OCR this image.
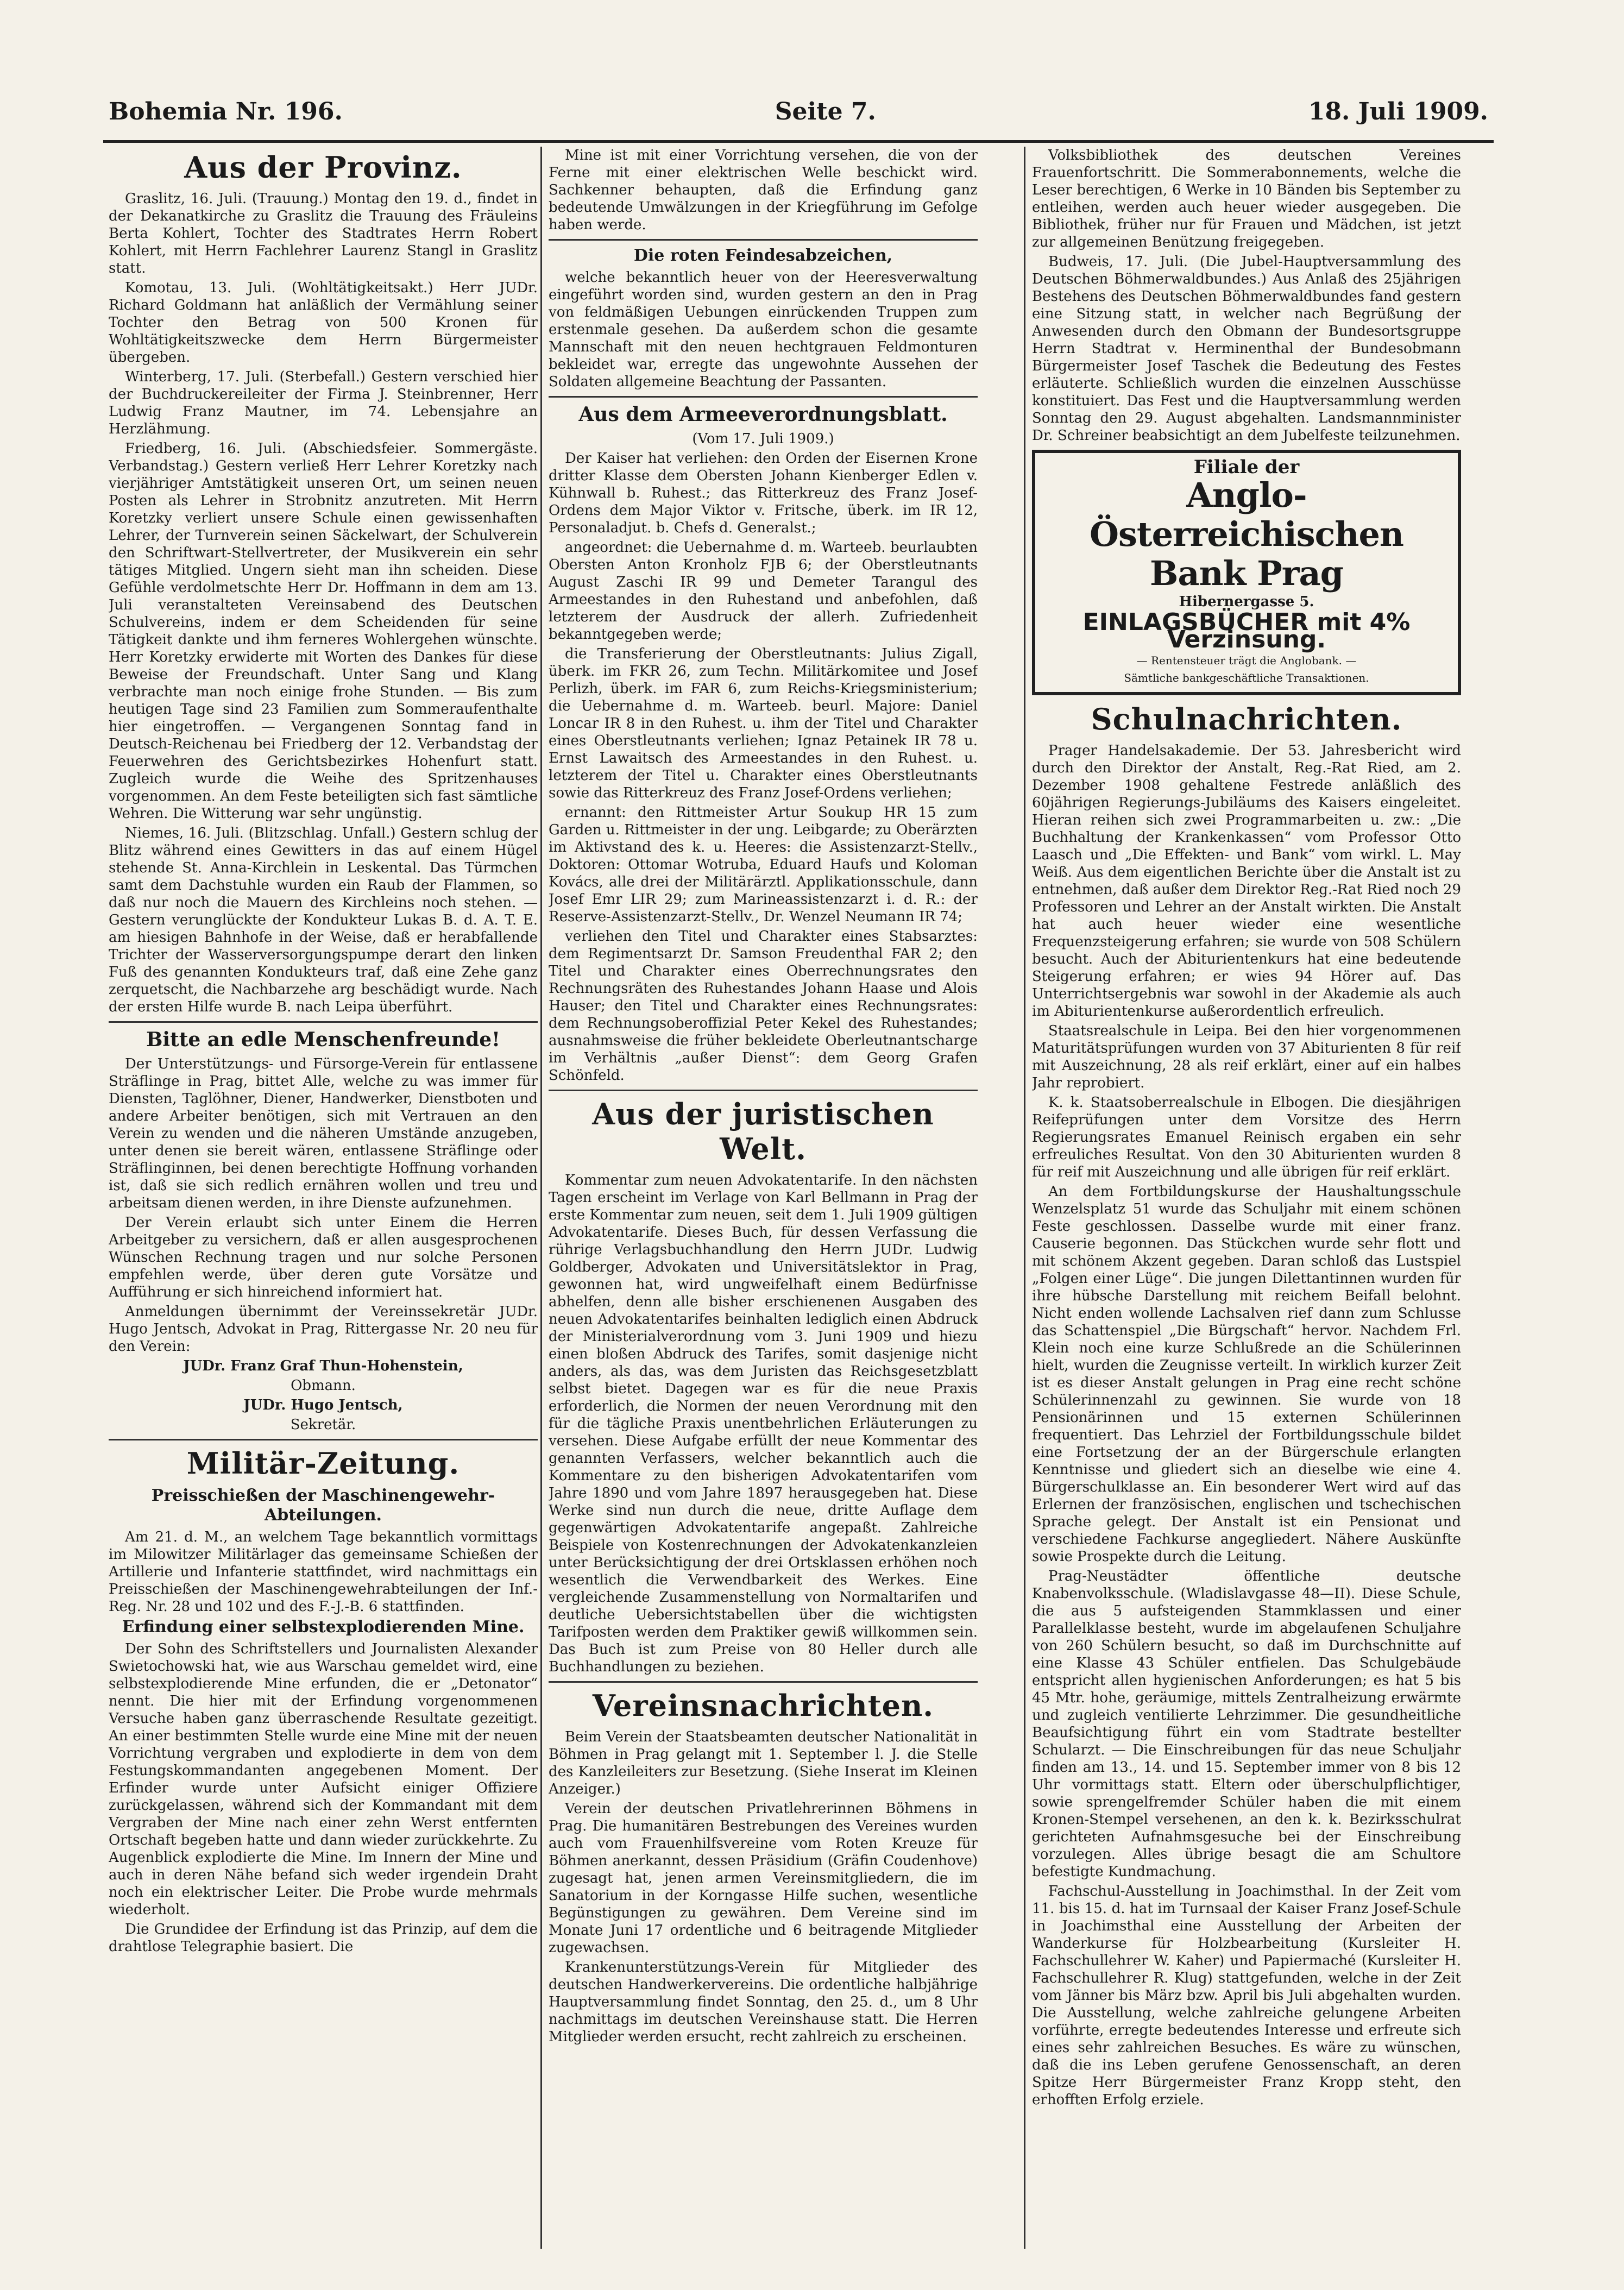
Bohemia Nr. 196.	Seite 7.	18. Juli 1909.
Aus der Provinz.

Graslitz, 16. Juli. (Trauung.) Montag den 19. d., findet in der Dekanatkirche zu Graslitz die Trauung des Fräuleins Berta Kohlert, Tochter des Stadtrates Herrn Robert Kohlert, mit Herrn Fachlehrer Laurenz Stangl in Graslitz statt.

Komotau, 13. Juli. (Wohltätigkeitsakt.) Herr JUDr. Richard Goldmann hat anläßlich der Vermählung seiner Tochter den Betrag von 500 Kronen für Wohltätigkeitszwecke dem Herrn Bürgermeister übergeben.

Winterberg, 17. Juli. (Sterbefall.) Gestern verschied hier der Buchdruckereileiter der Firma J. Steinbrenner, Herr Ludwig Franz Mautner, im 74. Lebensjahre an Herzlähmung.

Friedberg, 16. Juli. (Abschiedsfeier. Sommergäste. Verbandstag.) Gestern verließ Herr Lehrer Koretzky nach vierjähriger Amtstätigkeit unseren Ort, um seinen neuen Posten als Lehrer in Strobnitz anzutreten. Mit Herrn Koretzky verliert unsere Schule einen gewissenhaften Lehrer, der Turnverein seinen Säckelwart, der Schulverein den Schriftwart-Stellvertreter, der Musikverein ein sehr tätiges Mitglied. Ungern sieht man ihn scheiden. Diese Gefühle verdolmetschte Herr Dr. Hoffmann in dem am 13. Juli veranstalteten Vereinsabend des Deutschen Schulvereins, indem er dem Scheidenden für seine Tätigkeit dankte und ihm ferneres Wohlergehen wünschte. Herr Koretzky erwiderte mit Worten des Dankes für diese Beweise der Freundschaft. Unter Sang und Klang verbrachte man noch einige frohe Stunden. — Bis zum heutigen Tage sind 23 Familien zum Sommeraufenthalte hier eingetroffen. — Vergangenen Sonntag fand in Deutsch-Reichenau bei Friedberg der 12. Verbandstag der Feuerwehren des Gerichtsbezirkes Hohenfurt statt. Zugleich wurde die Weihe des Spritzenhauses vorgenommen. An dem Feste beteiligten sich fast sämtliche Wehren. Die Witterung war sehr ungünstig.

Niemes, 16. Juli. (Blitzschlag. Unfall.) Gestern schlug der Blitz während eines Gewitters in das auf einem Hügel stehende St. Anna-Kirchlein in Leskental. Das Türmchen samt dem Dachstuhle wurden ein Raub der Flammen, so daß nur noch die Mauern des Kirchleins noch stehen. — Gestern verunglückte der Kondukteur Lukas B. d. A. T. E. am hiesigen Bahnhofe in der Weise, daß er herabfallende Trichter der Wasserversorgungspumpe derart den linken Fuß des genannten Kondukteurs traf, daß eine Zehe ganz zerquetscht, die Nachbarzehe arg beschädigt wurde. Nach der ersten Hilfe wurde B. nach Leipa überführt.

Bitte an edle Menschenfreunde!

Der Unterstützungs- und Fürsorge-Verein für entlassene Sträflinge in Prag, bittet Alle, welche zu was immer für Diensten, Taglöhner, Diener, Handwerker, Dienstboten und andere Arbeiter benötigen, sich mit Vertrauen an den Verein zu wenden und die näheren Umstände anzugeben, unter denen sie bereit wären, entlassene Sträflinge oder Sträflinginnen, bei denen berechtigte Hoffnung vorhanden ist, daß sie sich redlich ernähren wollen und treu und arbeitsam dienen werden, in ihre Dienste aufzunehmen.

Der Verein erlaubt sich unter Einem die Herren Arbeitgeber zu versichern, daß er allen ausgesprochenen Wünschen Rechnung tragen und nur solche Personen empfehlen werde, über deren gute Vorsätze und Aufführung er sich hinreichend informiert hat.

Anmeldungen übernimmt der Vereinssekretär JUDr. Hugo Jentsch, Advokat in Prag, Rittergasse Nr. 20 neu für den Verein:

JUDr. Franz Graf Thun-Hohenstein,

Obmann.

JUDr. Hugo Jentsch,

Sekretär.

Militär-Zeitung.
Preisschießen der Maschinengewehr-Abteilungen.

Am 21. d. M., an welchem Tage bekanntlich vormittags im Milowitzer Militärlager das gemeinsame Schießen der Artillerie und Infanterie stattfindet, wird nachmittags ein Preisschießen der Maschinengewehrabteilungen der Inf.-Reg. Nr. 28 und 102 und des F.-J.-B. 6 stattfinden.

Erfindung einer selbstexplodierenden Mine.

Der Sohn des Schriftstellers und Journalisten Alexander Swietochowski hat, wie aus Warschau gemeldet wird, eine selbstexplodierende Mine erfunden, die er „Detonator“ nennt. Die hier mit der Erfindung vorgenommenen Versuche haben ganz überraschende Resultate gezeitigt. An einer bestimmten Stelle wurde eine Mine mit der neuen Vorrichtung vergraben und explodierte in dem von dem Festungskommandanten angegebenen Moment. Der Erfinder wurde unter Aufsicht einiger Offiziere zurückgelassen, während sich der Kommandant mit dem Vergraben der Mine nach einer zehn Werst entfernten Ortschaft begeben hatte und dann wieder zurückkehrte. Zu Augenblick explodierte die Mine. Im Innern der Mine und auch in deren Nähe befand sich weder irgendein Draht noch ein elektrischer Leiter. Die Probe wurde mehrmals wiederholt.

Die Grundidee der Erfindung ist das Prinzip, auf dem die drahtlose Telegraphie basiert. Die

Mine ist mit einer Vorrichtung versehen, die von der Ferne mit einer elektrischen Welle beschickt wird. Sachkenner behaupten, daß die Erfindung ganz bedeutende Umwälzungen in der Kriegführung im Gefolge haben werde.

Die roten Feindesabzeichen,

welche bekanntlich heuer von der Heeresverwaltung eingeführt worden sind, wurden gestern an den in Prag von feldmäßigen Uebungen einrückenden Truppen zum erstenmale gesehen. Da außerdem schon die gesamte Mannschaft mit den neuen hechtgrauen Feldmonturen bekleidet war, erregte das ungewohnte Aussehen der Soldaten allgemeine Beachtung der Passanten.

Aus dem Armeeverordnungsblatt.

(Vom 17. Juli 1909.)

Der Kaiser hat verliehen: den Orden der Eisernen Krone dritter Klasse dem Obersten Johann Kienberger Edlen v. Kühnwall b. Ruhest.; das Ritterkreuz des Franz Josef-Ordens dem Major Viktor v. Fritsche, überk. im IR 12, Personaladjut. b. Chefs d. Generalst.;

angeordnet: die Uebernahme d. m. Warteeb. beurlaubten Obersten Anton Kronholz FJB 6; der Oberstleutnants August Zaschi IR 99 und Demeter Tarangul des Armeestandes in den Ruhestand und anbefohlen, daß letzterem der Ausdruck der allerh. Zufriedenheit bekanntgegeben werde;

die Transferierung der Oberstleutnants: Julius Zigall, überk. im FKR 26, zum Techn. Militärkomitee und Josef Perlizh, überk. im FAR 6, zum Reichs-Kriegsministerium; die Uebernahme d. m. Warteeb. beurl. Majore: Daniel Loncar IR 8 in den Ruhest. u. ihm der Titel und Charakter eines Oberstleutnants verliehen; Ignaz Petainek IR 78 u. Ernst Lawaitsch des Armeestandes in den Ruhest. u. letzterem der Titel u. Charakter eines Oberstleutnants sowie das Ritterkreuz des Franz Josef-Ordens verliehen;

ernannt: den Rittmeister Artur Soukup HR 15 zum Garden u. Rittmeister in der ung. Leibgarde; zu Oberärzten im Aktivstand des k. u. Heeres: die Assistenzarzt-Stellv., Doktoren: Ottomar Wotruba, Eduard Haufs und Koloman Kovács, alle drei der Militärärztl. Applikationsschule, dann Josef Emr LIR 29; zum Marineassistenzarzt i. d. R.: der Reserve-Assistenzarzt-Stellv., Dr. Wenzel Neumann IR 74;

verliehen den Titel und Charakter eines Stabsarztes: dem Regimentsarzt Dr. Samson Freudenthal FAR 2; den Titel und Charakter eines Oberrechnungsrates den Rechnungsräten des Ruhestandes Johann Haase und Alois Hauser; den Titel und Charakter eines Rechnungsrates: dem Rechnungsoberoffizial Peter Kekel des Ruhestandes; ausnahmsweise die früher bekleidete Oberleutnantscharge im Verhältnis „außer Dienst“: dem Georg Grafen Schönfeld.

Aus der juristischen Welt.

Kommentar zum neuen Advokatentarife. In den nächsten Tagen erscheint im Verlage von Karl Bellmann in Prag der erste Kommentar zum neuen, seit dem 1. Juli 1909 gültigen Advokatentarife. Dieses Buch, für dessen Verfassung die rührige Verlagsbuchhandlung den Herrn JUDr. Ludwig Goldberger, Advokaten und Universitätslektor in Prag, gewonnen hat, wird ungweifelhaft einem Bedürfnisse abhelfen, denn alle bisher erschienenen Ausgaben des neuen Advokatentarifes beinhalten lediglich einen Abdruck der Ministerialverordnung vom 3. Juni 1909 und hiezu einen bloßen Abdruck des Tarifes, somit dasjenige nicht anders, als das, was dem Juristen das Reichsgesetzblatt selbst bietet. Dagegen war es für die neue Praxis erforderlich, die Normen der neuen Verordnung mit den für die tägliche Praxis unentbehrlichen Erläuterungen zu versehen. Diese Aufgabe erfüllt der neue Kommentar des genannten Verfassers, welcher bekanntlich auch die Kommentare zu den bisherigen Advokatentarifen vom Jahre 1890 und vom Jahre 1897 herausgegeben hat. Diese Werke sind nun durch die neue, dritte Auflage dem gegenwärtigen Advokatentarife angepaßt. Zahlreiche Beispiele von Kostenrechnungen der Advokatenkanzleien unter Berücksichtigung der drei Ortsklassen erhöhen noch wesentlich die Verwendbarkeit des Werkes. Eine vergleichende Zusammenstellung von Normaltarifen und deutliche Uebersichtstabellen über die wichtigsten Tarifposten werden dem Praktiker gewiß willkommen sein. Das Buch ist zum Preise von 80 Heller durch alle Buchhandlungen zu beziehen.

Vereinsnachrichten.

Beim Verein der Staatsbeamten deutscher Nationalität in Böhmen in Prag gelangt mit 1. September l. J. die Stelle des Kanzleileiters zur Besetzung. (Siehe Inserat im Kleinen Anzeiger.)

Verein der deutschen Privatlehrerinnen Böhmens in Prag. Die humanitären Bestrebungen des Vereines wurden auch vom Frauenhilfsvereine vom Roten Kreuze für Böhmen anerkannt, dessen Präsidium (Gräfin Coudenhove) zugesagt hat, jenen armen Vereinsmitgliedern, die im Sanatorium in der Korngasse Hilfe suchen, wesentliche Begünstigungen zu gewähren. Dem Vereine sind im Monate Juni 17 ordentliche und 6 beitragende Mitglieder zugewachsen.

Krankenunterstützungs-Verein für Mitglieder des deutschen Handwerkervereins. Die ordentliche halbjährige Hauptversammlung findet Sonntag, den 25. d., um 8 Uhr nachmittags im deutschen Vereinshause statt. Die Herren Mitglieder werden ersucht, recht zahlreich zu erscheinen.

Volksbibliothek des deutschen Vereines Frauenfortschritt. Die Sommerabonnements, welche die Leser berechtigen, 6 Werke in 10 Bänden bis September zu entleihen, werden auch heuer wieder ausgegeben. Die Bibliothek, früher nur für Frauen und Mädchen, ist jetzt zur allgemeinen Benützung freigegeben.

Budweis, 17. Juli. (Die Jubel-Hauptversammlung des Deutschen Böhmerwaldbundes.) Aus Anlaß des 25jährigen Bestehens des Deutschen Böhmerwaldbundes fand gestern eine Sitzung statt, in welcher nach Begrüßung der Anwesenden durch den Obmann der Bundesortsgruppe Herrn Stadtrat v. Herminenthal der Bundesobmann Bürgermeister Josef Taschek die Bedeutung des Festes erläuterte. Schließlich wurden die einzelnen Ausschüsse konstituiert. Das Fest und die Hauptversammlung werden Sonntag den 29. August abgehalten. Landsmannminister Dr. Schreiner beabsichtigt an dem Jubelfeste teilzunehmen.

Filiale der
Anglo-Österreichischen Bank Prag
Hibernergasse 5.
EINLAGSBÜCHER mit 4% Verzinsung.
— Rentensteuer trägt die Anglobank. —
Sämtliche bankgeschäftliche Transaktionen.
Schulnachrichten.

Prager Handelsakademie. Der 53. Jahresbericht wird durch den Direktor der Anstalt, Reg.-Rat Ried, am 2. Dezember 1908 gehaltene Festrede anläßlich des 60jährigen Regierungs-Jubiläums des Kaisers eingeleitet. Hieran reihen sich zwei Programmarbeiten u. zw.: „Die Buchhaltung der Krankenkassen“ vom Professor Otto Laasch und „Die Effekten- und Bank“ vom wirkl. L. May Weiß. Aus dem eigentlichen Berichte über die Anstalt ist zu entnehmen, daß außer dem Direktor Reg.-Rat Ried noch 29 Professoren und Lehrer an der Anstalt wirkten. Die Anstalt hat auch heuer wieder eine wesentliche Frequenzsteigerung erfahren; sie wurde von 508 Schülern besucht. Auch der Abiturientenkurs hat eine bedeutende Steigerung erfahren; er wies 94 Hörer auf. Das Unterrichtsergebnis war sowohl in der Akademie als auch im Abiturientenkurse außerordentlich erfreulich.

Staatsrealschule in Leipa. Bei den hier vorgenommenen Maturitätsprüfungen wurden von 37 Abiturienten 8 für reif mit Auszeichnung, 28 als reif erklärt, einer auf ein halbes Jahr reprobiert.

K. k. Staatsoberrealschule in Elbogen. Die diesjährigen Reifeprüfungen unter dem Vorsitze des Herrn Regierungsrates Emanuel Reinisch ergaben ein sehr erfreuliches Resultat. Von den 30 Abiturienten wurden 8 für reif mit Auszeichnung und alle übrigen für reif erklärt.

An dem Fortbildungskurse der Haushaltungsschule Wenzelsplatz 51 wurde das Schuljahr mit einem schönen Feste geschlossen. Dasselbe wurde mit einer franz. Causerie begonnen. Das Stückchen wurde sehr flott und mit schönem Akzent gegeben. Daran schloß das Lustspiel „Folgen einer Lüge“. Die jungen Dilettantinnen wurden für ihre hübsche Darstellung mit reichem Beifall belohnt. Nicht enden wollende Lachsalven rief dann zum Schlusse das Schattenspiel „Die Bürgschaft“ hervor. Nachdem Frl. Klein noch eine kurze Schlußrede an die Schülerinnen hielt, wurden die Zeugnisse verteilt. In wirklich kurzer Zeit ist es dieser Anstalt gelungen in Prag eine recht schöne Schülerinnenzahl zu gewinnen. Sie wurde von 18 Pensionärinnen und 15 externen Schülerinnen frequentiert. Das Lehrziel der Fortbildungsschule bildet eine Fortsetzung der an der Bürgerschule erlangten Kenntnisse und gliedert sich an dieselbe wie eine 4. Bürgerschulklasse an. Ein besonderer Wert wird auf das Erlernen der französischen, englischen und tschechischen Sprache gelegt. Der Anstalt ist ein Pensionat und verschiedene Fachkurse angegliedert. Nähere Auskünfte sowie Prospekte durch die Leitung.

Prag-Neustädter öffentliche deutsche Knabenvolksschule. (Wladislavgasse 48—II). Diese Schule, die aus 5 aufsteigenden Stammklassen und einer Parallelklasse besteht, wurde im abgelaufenen Schuljahre von 260 Schülern besucht, so daß im Durchschnitte auf eine Klasse 43 Schüler entfielen. Das Schulgebäude entspricht allen hygienischen Anforderungen; es hat 5 bis 45 Mtr. hohe, geräumige, mittels Zentralheizung erwärmte und zugleich ventilierte Lehrzimmer. Die gesundheitliche Beaufsichtigung führt ein vom Stadtrate bestellter Schularzt. — Die Einschreibungen für das neue Schuljahr finden am 13., 14. und 15. September immer von 8 bis 12 Uhr vormittags statt. Eltern oder überschulpflichtiger, sowie sprengelfremder Schüler haben die mit einem Kronen-Stempel versehenen, an den k. k. Bezirksschulrat gerichteten Aufnahmsgesuche bei der Einschreibung vorzulegen. Alles übrige besagt die am Schultore befestigte Kundmachung.

Fachschul-Ausstellung in Joachimsthal. In der Zeit vom 11. bis 15. d. hat im Turnsaal der Kaiser Franz Josef-Schule in Joachimsthal eine Ausstellung der Arbeiten der Wanderkurse für Holzbearbeitung (Kursleiter H. Fachschullehrer W. Kaher) und Papiermaché (Kursleiter H. Fachschullehrer R. Klug) stattgefunden, welche in der Zeit vom Jänner bis März bzw. April bis Juli abgehalten wurden. Die Ausstellung, welche zahlreiche gelungene Arbeiten vorführte, erregte bedeutendes Interesse und erfreute sich eines sehr zahlreichen Besuches. Es wäre zu wünschen, daß die ins Leben gerufene Genossenschaft, an deren Spitze Herr Bürgermeister Franz Kropp steht, den erhofften Erfolg erziele.
